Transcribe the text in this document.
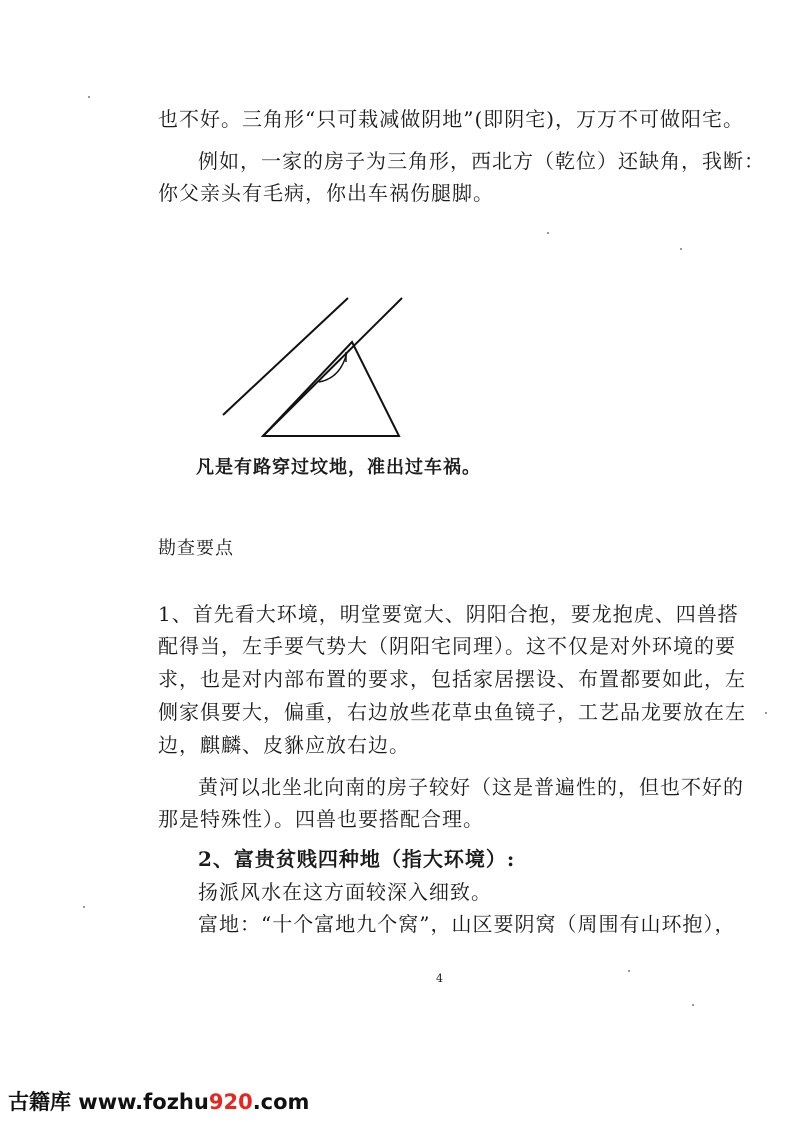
也不好。三角形“只可栽减做阴地”(即阴宅)，万万不可做阳宅。
例如，一家的房子为三角形，西北方（乾位）还缺角，我断：
你父亲头有毛病，你出车祸伤腿脚。
凡是有路穿过坟地，准出过车祸。
勘查要点
1、首先看大环境，明堂要宽大、阴阳合抱，要龙抱虎、四兽搭
配得当，左手要气势大（阴阳宅同理）。这不仅是对外环境的要
求，也是对内部布置的要求，包括家居摆设、布置都要如此，左
侧家俱要大，偏重，右边放些花草虫鱼镜子，工艺品龙要放在左
边，麒麟、皮貅应放右边。
黄河以北坐北向南的房子较好（这是普遍性的，但也不好的
那是特殊性）。四兽也要搭配合理。
2、富贵贫贱四种地（指大环境）:
扬派风水在这方面较深入细致。
富地：“十个富地九个窝”，山区要阴窝（周围有山环抱），
4
古籍库 www.fozhu920.com
